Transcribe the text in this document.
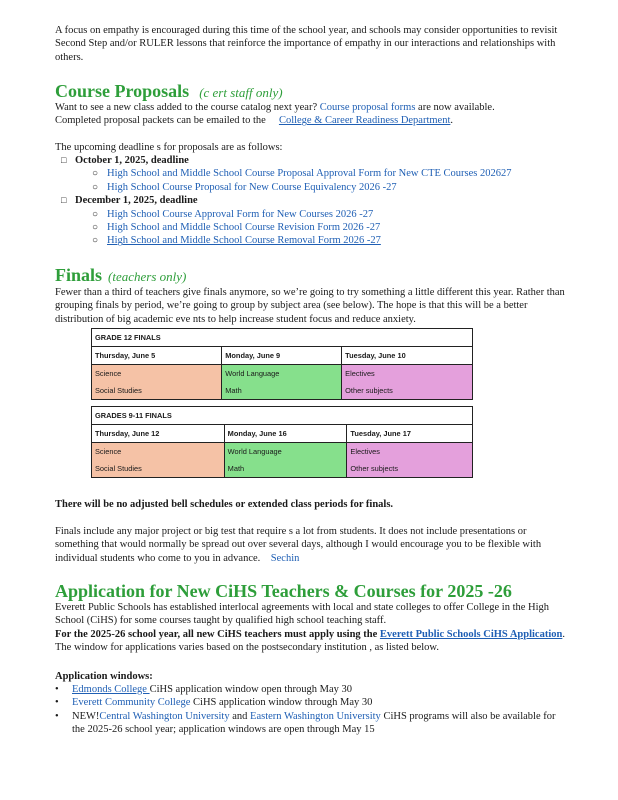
A focus on empathy is encouraged during this time of the school year, and schools may consider opportunities to revisit Second Step and/or RULER lessons that reinforce the importance of empathy in our interactions and relationships with others.

Course Proposals (c ert staff only)

Want to see a new class added to the course catalog next year? Course proposal forms are now available.
Completed proposal packets can be emailed to the College & Career Readiness Department.

The upcoming deadline s for proposals are as follows:

□ October 1, 2025, deadline
○ High School and Middle School Course Proposal Approval Form for New CTE Courses 202627
○ High School Course Proposal for New Course Equivalency 2026 -27
□ December 1, 2025, deadline
○ High School Course Approval Form for New Courses 2026 -27
○ High School and Middle School Course Revision Form 2026 -27
○ High School and Middle School Course Removal Form 2026 -27
Finals (teachers only)

Fewer than a third of teachers give finals anymore, so we’re going to try something a little different this year. Rather than grouping finals by period, we’re going to group by subject area (see below). The hope is that this will be a better distribution of big academic eve nts to help increase student focus and reduce anxiety.

GRADE 12 FINALS		
Thursday, June 5	Monday, June 9	Tuesday, June 10
Science	World Language	Electives
Social Studies	Math	Other subjects
GRADES 9-11 FINALS		
Thursday, June 12	Monday, June 16	Tuesday, June 17
Science	World Language	Electives
Social Studies	Math	Other subjects

There will be no adjusted bell schedules or extended class periods for finals.

Finals include any major project or big test that require s a lot from students. It does not include presentations or something that would normally be spread out over several days, although I would encourage you to be flexible with individual students who come to you in advance. Sechin

Application for New CiHS Teachers & Courses for 2025 -26

Everett Public Schools has established interlocal agreements with local and state colleges to offer College in the High School (CiHS) for some courses taught by qualified high school teaching staff.

For the 2025-26 school year, all new CiHS teachers must apply using the Everett Public Schools CiHS Application. The window for applications varies based on the postsecondary institution , as listed below.

Application windows:

• Edmonds College CiHS application window open through May 30
• Everett Community College CiHS application window through May 30
• NEW!Central Washington University and Eastern Washington University CiHS programs will also be available for the 2025-26 school year; application windows are open through May 15
